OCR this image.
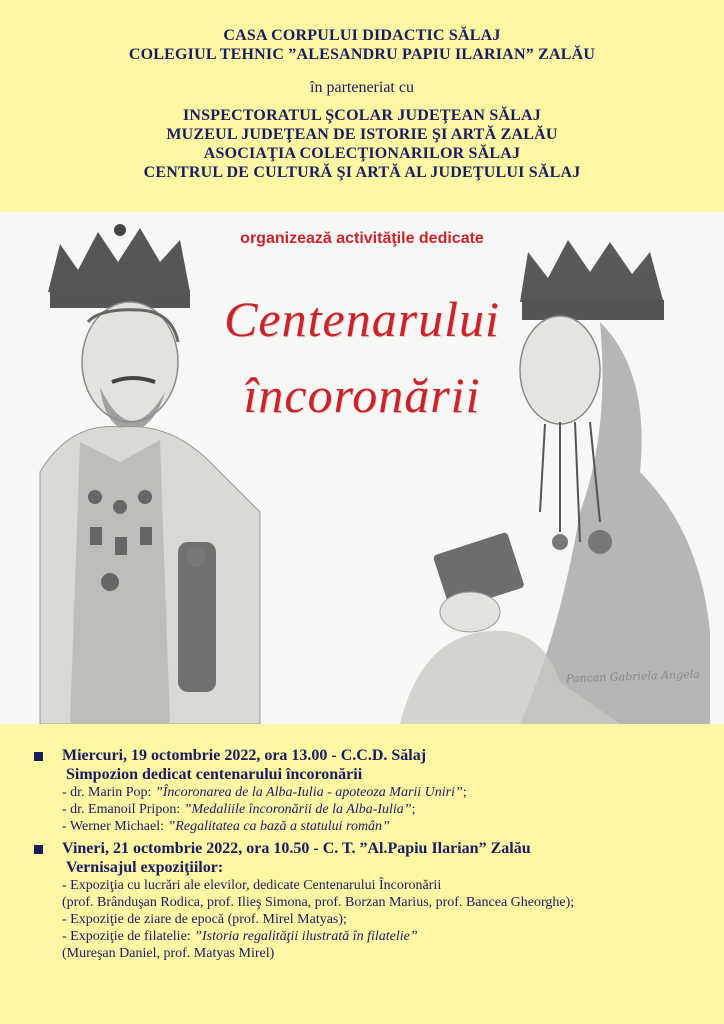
CASA CORPULUI DIDACTIC SĂLAJ
COLEGIUL TEHNIC ”ALESANDRU PAPIU ILARIAN” ZALĂU
în parteneriat cu
INSPECTORATUL ŞCOLAR JUDEŢEAN SĂLAJ
MUZEUL JUDEŢEAN DE ISTORIE ŞI ARTĂ ZALĂU
ASOCIAŢIA COLECŢIONARILOR SĂLAJ
CENTRUL DE CULTURĂ ŞI ARTĂ AL JUDEŢULUI SĂLAJ
organizează activităţile dedicate
Centenarului
încoronării
Pancan Gabriela Angela
Miercuri, 19 octombrie 2022, ora 13.00 - C.C.D. Sălaj
Simpozion dedicat centenarului încoronării
- dr. Marin Pop: ”Încoronarea de la Alba-Iulia - apoteoza Marii Uniri”;
- dr. Emanoil Pripon: ”Medaliile încoronării de la Alba-Iulia”;
- Werner Michael: ”Regalitatea ca bază a statului român”
Vineri, 21 octombrie 2022, ora 10.50 - C. T. ”Al.Papiu Ilarian” Zalău
Vernisajul expoziţiilor:
- Expoziţia cu lucrări ale elevilor, dedicate Centenarului Încoronării
(prof. Brânduşan Rodica, prof. Ilieş Simona, prof. Borzan Marius, prof. Bancea Gheorghe);
- Expoziţie de ziare de epocă (prof. Mirel Matyas);
- Expoziţie de filatelie: ”Istoria regalităţii ilustrată în filatelie”
(Mureşan Daniel, prof. Matyas Mirel)
